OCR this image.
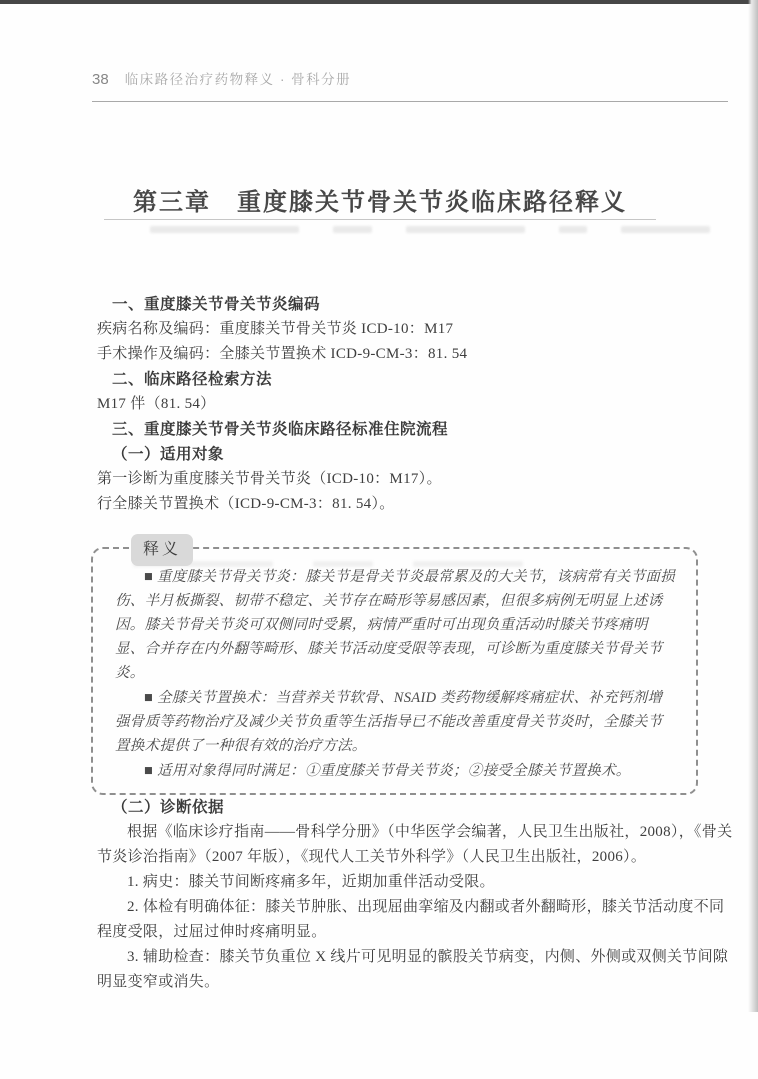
38 临床路径治疗药物释义 · 骨科分册
第三章　重度膝关节骨关节炎临床路径释义

一、重度膝关节骨关节炎编码

疾病名称及编码：重度膝关节骨关节炎 ICD-10：M17

手术操作及编码：全膝关节置换术 ICD-9-CM-3：81. 54

二、临床路径检索方法

M17 伴（81. 54）

三、重度膝关节骨关节炎临床路径标准住院流程

（一）适用对象

第一诊断为重度膝关节骨关节炎（ICD-10：M17）。

行全膝关节置换术（ICD-9-CM-3：81. 54）。

释义

■ 重度膝关节骨关节炎：膝关节是骨关节炎最常累及的大关节，该病常有关节面损伤、半月板撕裂、韧带不稳定、关节存在畸形等易感因素，但很多病例无明显上述诱因。膝关节骨关节炎可双侧同时受累，病情严重时可出现负重活动时膝关节疼痛明显、合并存在内外翻等畸形、膝关节活动度受限等表现，可诊断为重度膝关节骨关节炎。

■ 全膝关节置换术：当营养关节软骨、NSAID 类药物缓解疼痛症状、补充钙剂增强骨质等药物治疗及减少关节负重等生活指导已不能改善重度骨关节炎时，全膝关节置换术提供了一种很有效的治疗方法。

■ 适用对象得同时满足：①重度膝关节骨关节炎；②接受全膝关节置换术。

（二）诊断依据

根据《临床诊疗指南——骨科学分册》（中华医学会编著，人民卫生出版社，2008），《骨关节炎诊治指南》（2007 年版），《现代人工关节外科学》（人民卫生出版社，2006）。

1. 病史：膝关节间断疼痛多年，近期加重伴活动受限。

2. 体检有明确体征：膝关节肿胀、出现屈曲挛缩及内翻或者外翻畸形，膝关节活动度不同程度受限，过屈过伸时疼痛明显。

3. 辅助检查：膝关节负重位 X 线片可见明显的髌股关节病变，内侧、外侧或双侧关节间隙明显变窄或消失。
